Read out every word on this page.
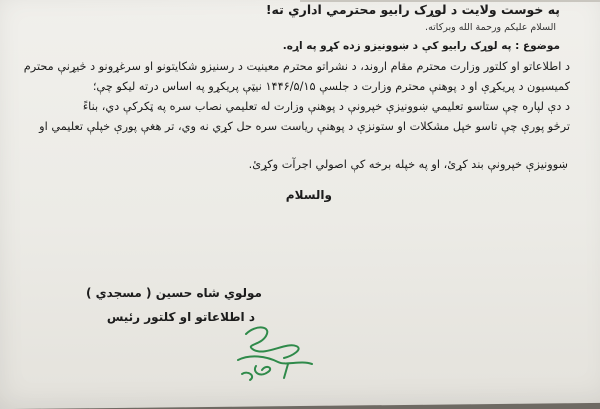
په خوست ولايت د لوړک رابیو محترمي اداري ته!
السلام علیکم ورحمة الله وبرکاته.
موضوع : په لوړک رابیو کې د ښوونيزو زده کړو په اړه.
د اطلاعاتو او کلتور وزارت محترم مقام اروند، د نشراتو محترم معينيت د رسنيزو شکايتونو او سرغړونو د څيړنې محترم
کميسيون د پريکړې او د پوهنې محترم وزارت د جلسې ۱۴۴۶/۵/۱۵ نیټې پريکړو په اساس درته ليکو چې؛
د دې لپاره چې ستاسو تعليمي ښوونيزې خپرونې د پوهنې وزارت له تعليمي نصاب سره په ټکرکې دي، بناءً
ترڅو پورې چې تاسو خپل مشکلات او ستونزې د پوهنې رياست سره حل کړي نه وي، تر هغې پورې خپلې تعليمي او
ښوونيزې خپرونې بند کړئ، او په خپله برخه کې اصولي اجرآت وکړئ.
والسلام
مولوي شاه حسين ( مسجدي )
د اطلاعاتو او کلتور رئيس
